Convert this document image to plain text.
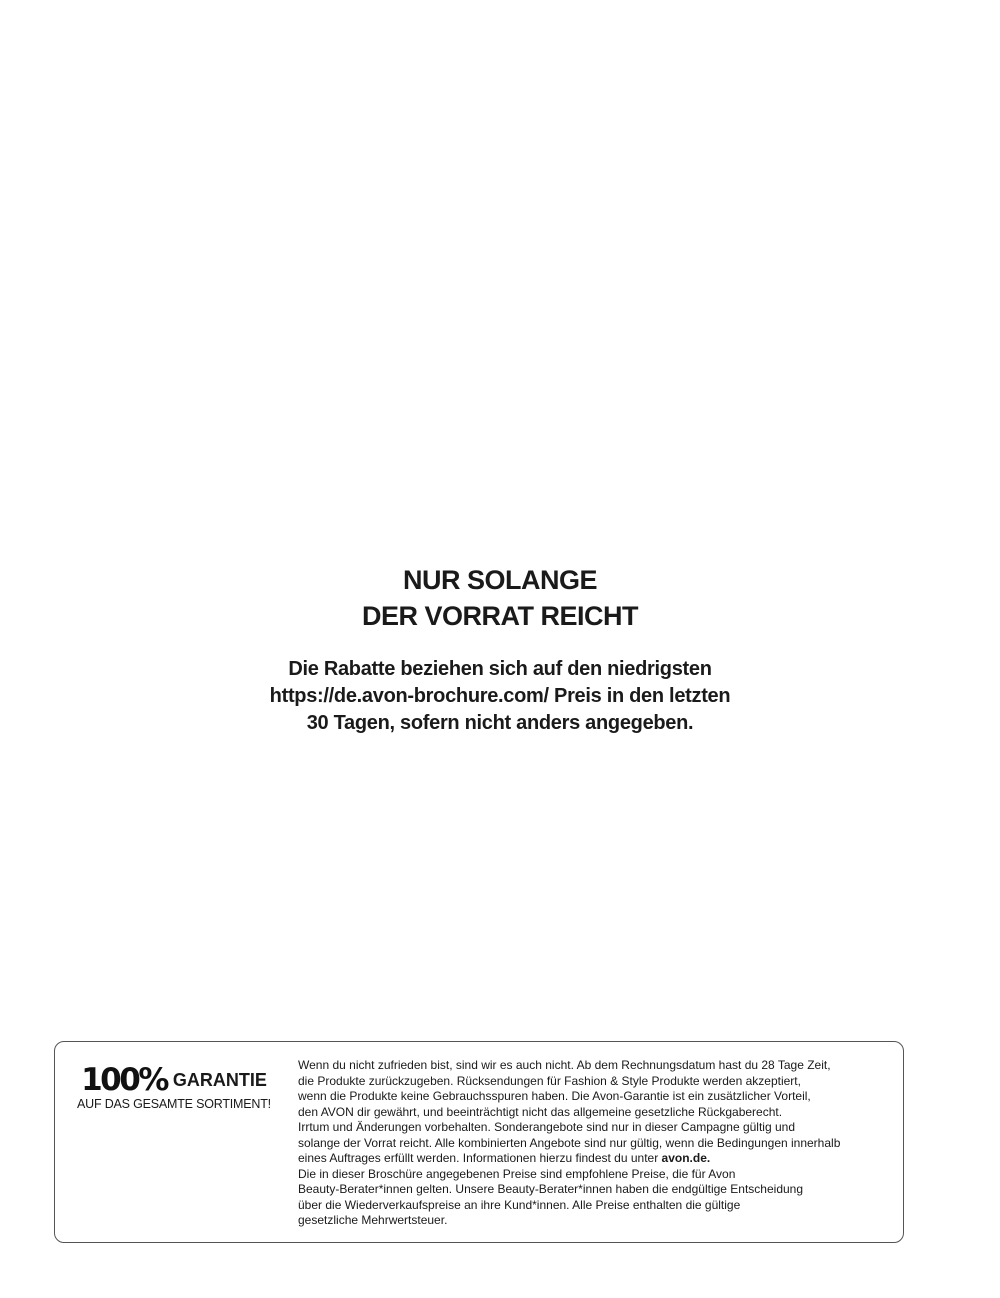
NUR SOLANGE
DER VORRAT REICHT
Die Rabatte beziehen sich auf den niedrigsten
https://de.avon-brochure.com/ Preis in den letzten
30 Tagen, sofern nicht anders angegeben.
100% GARANTIE
AUF DAS GESAMTE SORTIMENT!
Wenn du nicht zufrieden bist, sind wir es auch nicht. Ab dem Rechnungsdatum hast du 28 Tage Zeit,
die Produkte zurückzugeben. Rücksendungen für Fashion & Style Produkte werden akzeptiert,
wenn die Produkte keine Gebrauchsspuren haben. Die Avon-Garantie ist ein zusätzlicher Vorteil,
den AVON dir gewährt, und beeinträchtigt nicht das allgemeine gesetzliche Rückgaberecht.
Irrtum und Änderungen vorbehalten. Sonderangebote sind nur in dieser Campagne gültig und
solange der Vorrat reicht. Alle kombinierten Angebote sind nur gültig, wenn die Bedingungen innerhalb
eines Auftrages erfüllt werden. Informationen hierzu findest du unter avon.de.
Die in dieser Broschüre angegebenen Preise sind empfohlene Preise, die für Avon
Beauty-Berater*innen gelten. Unsere Beauty-Berater*innen haben die endgültige Entscheidung
über die Wiederverkaufspreise an ihre Kund*innen. Alle Preise enthalten die gültige
gesetzliche Mehrwertsteuer.
